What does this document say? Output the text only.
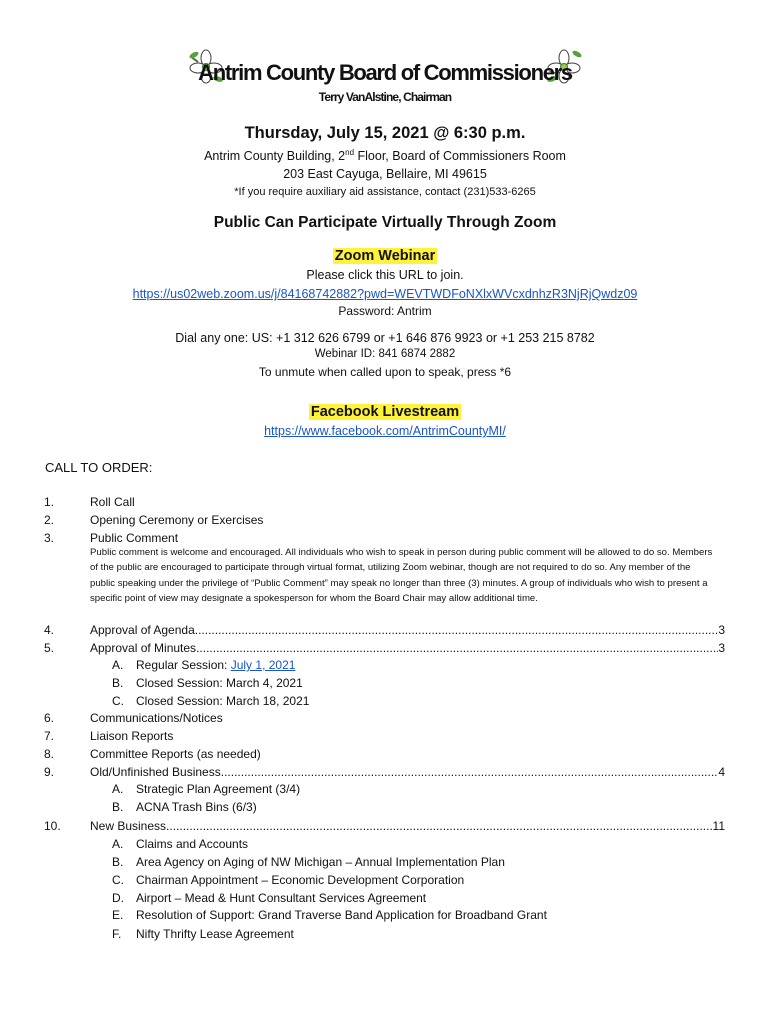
Antrim County Board of Commissioners
Terry VanAlstine, Chairman
Thursday, July 15, 2021 @ 6:30 p.m.
Antrim County Building, 2nd Floor, Board of Commissioners Room
203 East Cayuga, Bellaire, MI 49615
*If you require auxiliary aid assistance, contact (231)533-6265
Public Can Participate Virtually Through Zoom
Zoom Webinar
Please click this URL to join.
https://us02web.zoom.us/j/84168742882?pwd=WEVTWDFoNXlxWVcxdnhzR3NjRjQwdz09
Password: Antrim
Dial any one: US: +1 312 626 6799 or +1 646 876 9923 or +1 253 215 8782
Webinar ID: 841 6874 2882
To unmute when called upon to speak, press *6
Facebook Livestream
https://www.facebook.com/AntrimCountyMI/
CALL TO ORDER:
1.	Roll Call
2.	Opening Ceremony or Exercises
3.	Public Comment
Public comment is welcome and encouraged. All individuals who wish to speak in person during public comment will be allowed to do so. Members of the public are encouraged to participate through virtual format, utilizing Zoom webinar, though are not required to do so. Any member of the public speaking under the privilege of “Public Comment” may speak no longer than three (3) minutes. A group of individuals who wish to present a specific point of view may designate a spokesperson for whom the Board Chair may allow additional time.
4.	Approval of Agenda .....	3
5.	Approval of Minutes .....	3
A. Regular Session: July 1, 2021
B. Closed Session: March 4, 2021
C. Closed Session: March 18, 2021
6.	Communications/Notices
7.	Liaison Reports
8.	Committee Reports (as needed)
9.	Old/Unfinished Business .....	4
A. Strategic Plan Agreement (3/4)
B. ACNA Trash Bins (6/3)
10. New Business .....	11
A. Claims and Accounts
B. Area Agency on Aging of NW Michigan – Annual Implementation Plan
C. Chairman Appointment – Economic Development Corporation
D. Airport – Mead & Hunt Consultant Services Agreement
E. Resolution of Support: Grand Traverse Band Application for Broadband Grant
F. Nifty Thrifty Lease Agreement
